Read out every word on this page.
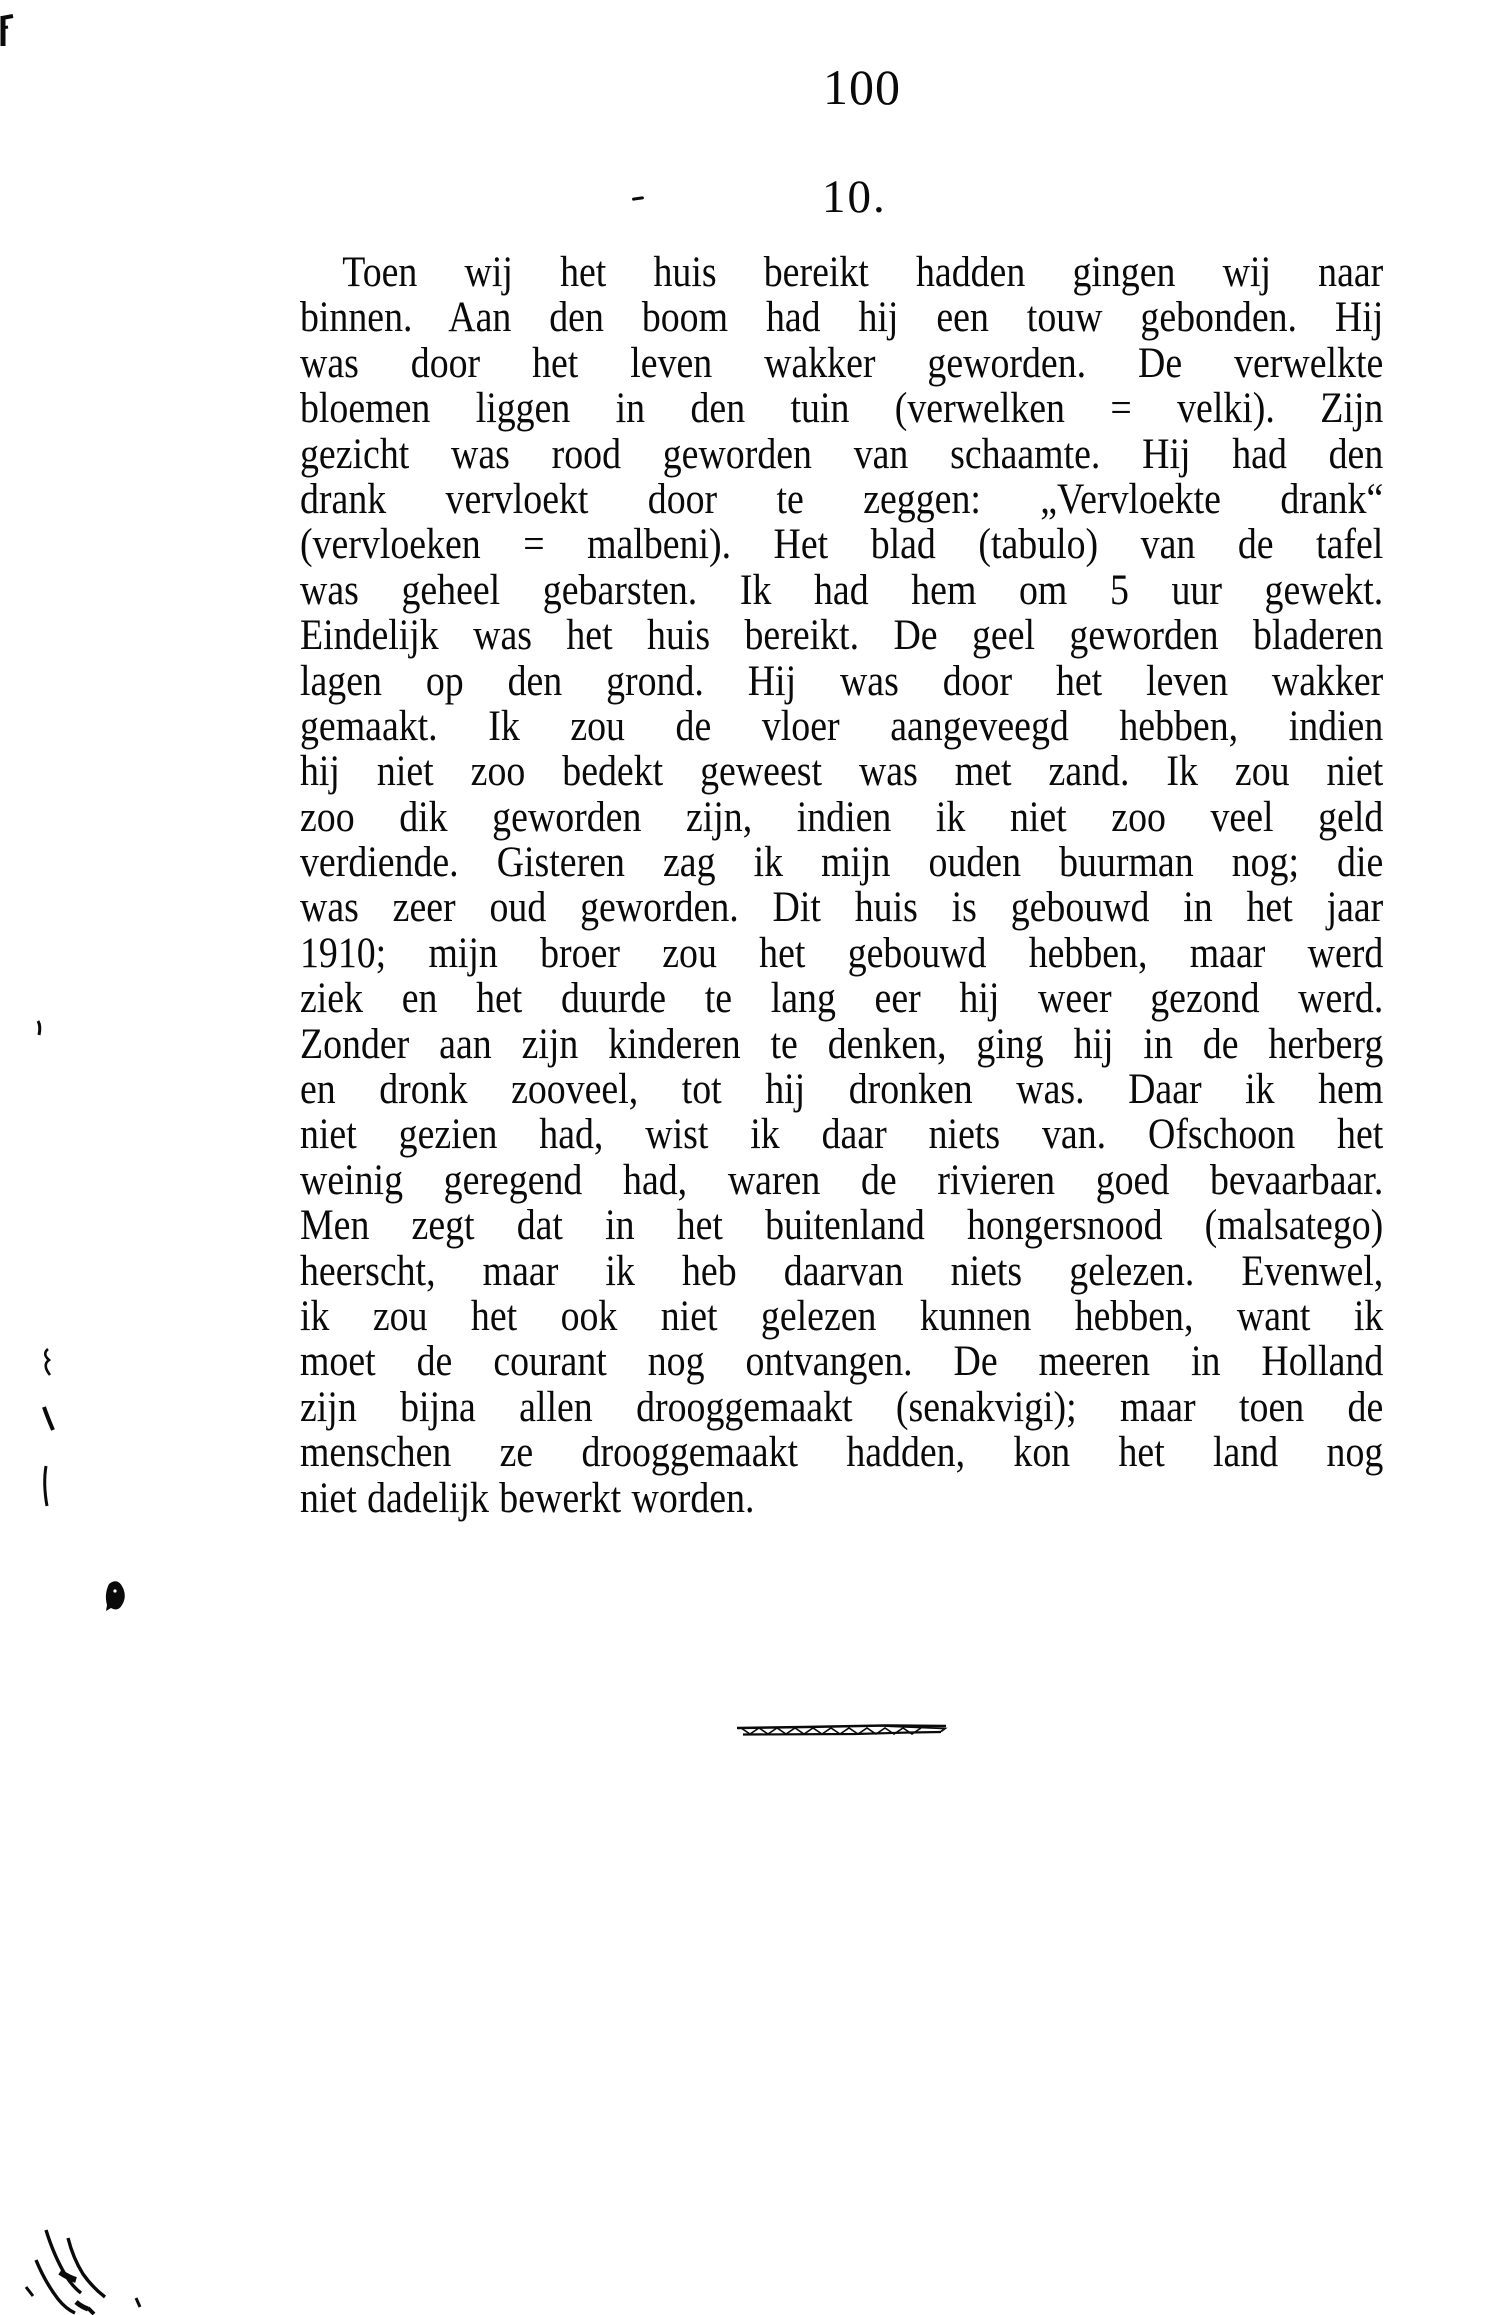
100
10.
Toen wij het huis bereikt hadden gingen wij naar
binnen. Aan den boom had hij een touw gebonden. Hij
was door het leven wakker geworden. De verwelkte
bloemen liggen in den tuin (verwelken = velki). Zijn
gezicht was rood geworden van schaamte. Hij had den
drank vervloekt door te zeggen: „Vervloekte drank“
(vervloeken = malbeni). Het blad (tabulo) van de tafel
was geheel gebarsten. Ik had hem om 5 uur gewekt.
Eindelijk was het huis bereikt. De geel geworden bladeren
lagen op den grond. Hij was door het leven wakker
gemaakt. Ik zou de vloer aangeveegd hebben, indien
hij niet zoo bedekt geweest was met zand. Ik zou niet
zoo dik geworden zijn, indien ik niet zoo veel geld
verdiende. Gisteren zag ik mijn ouden buurman nog; die
was zeer oud geworden. Dit huis is gebouwd in het jaar
1910; mijn broer zou het gebouwd hebben, maar werd
ziek en het duurde te lang eer hij weer gezond werd.
Zonder aan zijn kinderen te denken, ging hij in de herberg
en dronk zooveel, tot hij dronken was. Daar ik hem
niet gezien had, wist ik daar niets van. Ofschoon het
weinig geregend had, waren de rivieren goed bevaarbaar.
Men zegt dat in het buitenland hongersnood (malsatego)
heerscht, maar ik heb daarvan niets gelezen. Evenwel,
ik zou het ook niet gelezen kunnen hebben, want ik
moet de courant nog ontvangen. De meeren in Holland
zijn bijna allen drooggemaakt (senakvigi); maar toen de
menschen ze drooggemaakt hadden, kon het land nog
niet dadelijk bewerkt worden.
